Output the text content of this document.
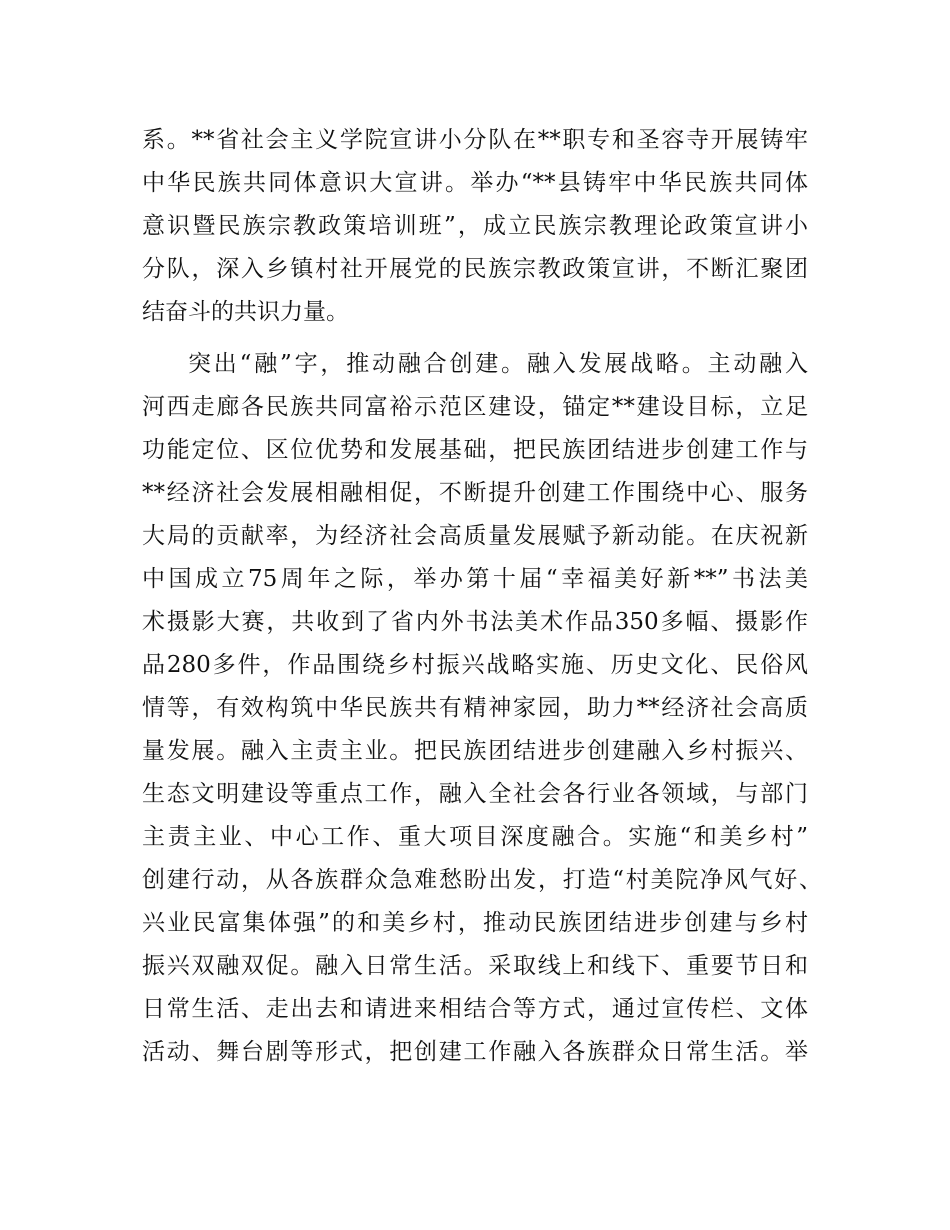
系。**省社会主义学院宣讲小分队在**职专和圣容寺开展铸牢
中华民族共同体意识大宣讲。举办“**县铸牢中华民族共同体
意识暨民族宗教政策培训班”，成立民族宗教理论政策宣讲小
分队，深入乡镇村社开展党的民族宗教政策宣讲，不断汇聚团
结奋斗的共识力量。
突出“融”字，推动融合创建。融入发展战略。主动融入
河西走廊各民族共同富裕示范区建设，锚定**建设目标，立足
功能定位、区位优势和发展基础，把民族团结进步创建工作与
**经济社会发展相融相促，不断提升创建工作围绕中心、服务
大局的贡献率，为经济社会高质量发展赋予新动能。在庆祝新
中国成立75周年之际，举办第十届“幸福美好新**”书法美
术摄影大赛，共收到了省内外书法美术作品350多幅、摄影作
品280多件，作品围绕乡村振兴战略实施、历史文化、民俗风
情等，有效构筑中华民族共有精神家园，助力**经济社会高质
量发展。融入主责主业。把民族团结进步创建融入乡村振兴、
生态文明建设等重点工作，融入全社会各行业各领域，与部门
主责主业、中心工作、重大项目深度融合。实施“和美乡村”
创建行动，从各族群众急难愁盼出发，打造“村美院净风气好、
兴业民富集体强”的和美乡村，推动民族团结进步创建与乡村
振兴双融双促。融入日常生活。采取线上和线下、重要节日和
日常生活、走出去和请进来相结合等方式，通过宣传栏、文体
活动、舞台剧等形式，把创建工作融入各族群众日常生活。举
